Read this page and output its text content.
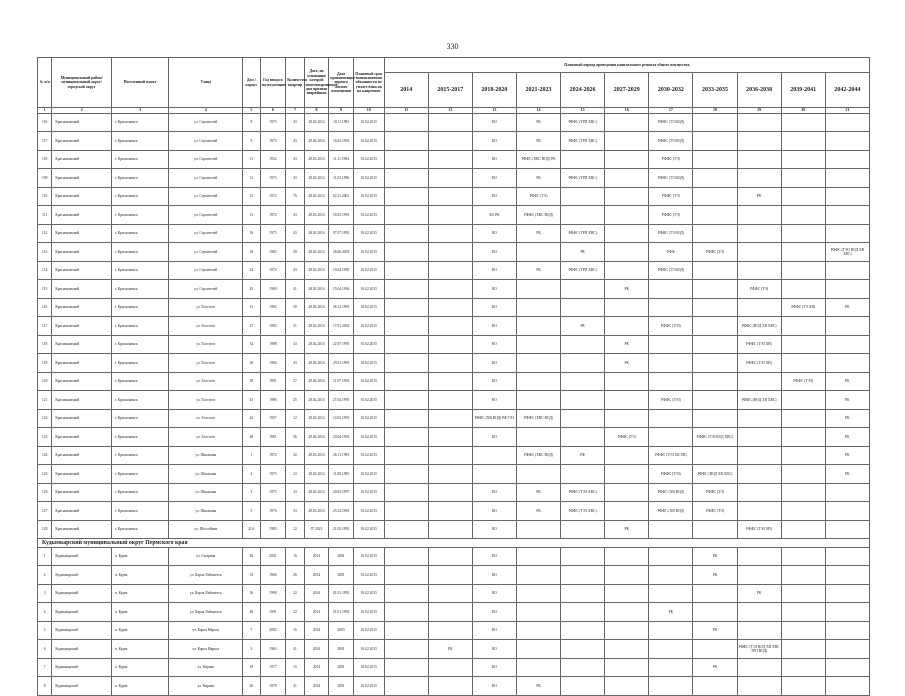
330
№ п/п	Муниципальный район/муниципальный округ/городской округ	Населенный пункт	Улица	Дом / корпус	Год ввода в эксплуатацию	Количество квартир	Дата, на основании которой многоквартирный дом признан аварийным	Дата приватизации первого жилого помещения	Плановый срок возникновения обязанности по уплате взносов на капремонт	Плановый период проведения капитального ремонта общего имущества										
										2014	2015-2017	2018-2020	2021-2023	2024-2026	2027-2029	2030-2032	2033-2035	2036-2038	2039-2041	2042-2044
1	2	3	4	5	6	7	8	9	10	11	12	13	14	15	16	17	18	19	20	21
116	Краснокамский	г. Краснокамск	ул. Строителей	8	1975	43	28.02.2014	10.11.1993	01.02.2015			КО	РК	РФФС (ТРП ХВС)		РФФС (ТЭ ВОД)				
117	Краснокамский	г. Краснокамск	ул. Строителей	9	1975	43	28.02.2014	16.02.1993	01.02.2015			КО	РК	РФФС (ТРП ХВС)		РФФС (ТЭ ВОД)				
118	Краснокамский	г. Краснокамск	ул. Строителей	11	1932	43	28.02.2014	11.11.1994	01.02.2015			КО	РФФС (ХВС ВОД) РК			РФФС (ТЭ)				
109	Краснокамский	г. Краснокамск	ул. Строителей	12	1973	43	28.02.2014	11.02.1996	01.02.2015			КО	РК	РФФС (ТРП ХВС)		РФФС (ТЭ ВОД)				
110	Краснокамский	г. Краснокамск	ул. Строителей	13	1972	76	28.02.2014	02.11.2002	01.02.2015			КО	РФФС (ТЭ)			РФФС (ТЭ)		РК		
111	Краснокамский	г. Краснокамск	ул. Строителей	13	1972	43	28.02.2014	18.03.1993	01.02.2015			КО РК	РФФС (ХВС ВОД)			РФФС (ТЭ)				
112	Краснокамский	г. Краснокамск	ул. Строителей	16	1975	43	28.02.2014	07.07.1993	01.02.2015			КО	РК	РФФС (ТРП ХВС)		РФФС (ТЭ ВОД)				
113	Краснокамский	г. Краснокамск	ул. Строителей	18	1983	39	28.02.2014	26.06.2003	01.02.2015			КО		РК		РФФ	РФФС (ТЭ)			РФФС (ТЭО ВОД ХВ ХВС)
114	Краснокамский	г. Краснокамск	ул. Строителей	24	1974	43	28.02.2014	19.04.1995	01.02.2015			КО	РК	РФФС (ТРП ХВС)		РФФС (ТЭ ВОД)				
115	Краснокамский	г. Краснокамск	ул. Строителей	25	1969	41	28.02.2014	15.04.1994	01.02.2015			КО			РК			РФФС (ТЭ)		
116	Краснокамский	г. Краснокамск	ул. Толстого	13	1992	30	28.02.2014	26.12.1993	01.02.2015			КО							РФФС (ТЭ ХВ)	РК
117	Краснокамский	г. Краснокамск	ул. Толстого	27	1983	31	28.02.2014	17.01.2002	01.02.2015			КО		РК		РФФС (ТЭЗ)		РФФС (ВОД ХВ ХВС)		
118	Краснокамский	г. Краснокамск	ул. Толстого	34	1988	43	28.02.2014	22.07.1993	01.02.2015			КО			РК			РФФС (ТЭЗ ХВ)		
119	Краснокамский	г. Краснокамск	ул. Толстого	36	1984	43	28.02.2014	29.01.1993	01.02.2015			КО			РК			РФФС (ТЭЗ ХВ)		
120	Краснокамский	г. Краснокамск	ул. Толстого	38	1991	27	28.02.2014	21.07.1993	01.02.2015			КО							РФФС (ТЭЗ)	РК
121	Краснокамский	г. Краснокамск	ул. Толстого	41	1986	25	28.02.2014	27.04.1993	01.02.2015			КО				РФФС (ТЭЗ)		РФФС (ВОД ХВ ХВС)		РК
122	Краснокамский	г. Краснокамск	ул. Толстого	42	1957	12	28.02.2014	14.03.1993	01.02.2015			РФФС (ХВ ВОД) РФ ТЭЗ	РФФС (ХВС ВОД)							РК
123	Краснокамский	г. Краснокамск	ул. Толстого	48	1981	36	28.02.2014	20.04.1993	01.02.2015			КО			РФФС (ТЭ)		РФФС (ТЭЗ ВОД ХВС)			РК
124	Краснокамский	г. Краснокамск	ул. Школьная	1	1972	32	28.02.2014	26.11.1993	01.02.2015				РФФС (ХВС ВОД)	РФ		РФФС (ТЭЗ ХВ ХВ)				РК
125	Краснокамский	г. Краснокамск	ул. Школьная	2	1975	23	28.02.2014	11.08.1995	01.02.2015							РФФС (ТЭЗ)	РФФС (ВОД ХВ ХВС)			РК
126	Краснокамский	г. Краснокамск	ул. Школьная	3	1975	33	28.02.2014	20.03.1997	01.02.2015			КО	РК	РФФС (ТЭЗ ХВС)		РФФС (ХВ ВОД)	РФФС (ТЭ)			
127	Краснокамский	г. Краснокамск	ул. Школьная	5	1976	33	28.02.2014	23.12.1992	01.02.2015			КО	РК	РФФС (ТЭЗ ХВС)		РФФС (ХВ ВОД)	РФФС (ТЭ)			
128	Краснокамский	г. Краснокамск	ул. Шоссейная	21А	1983	12	07.2021	21.03.1993	01.02.2015			КО			РК			РФФС (ТЭЗ ХВ)		
Кудымкарский муниципальный округ Пермского края																				
1	Кудымкарский	п. Кудва	ул. Гагарина	82	2001	16	2014	2001	01.02.2015			КО					РК			
2	Кудымкарский	п. Кудва	ул. Карла Либкнехта	33	1966	26	2014	2001	01.02.2015			КО					РК			
3	Кудымкарский	п. Кудва	ул. Карла Либкнехта	36	1990	22	2014	01.01.1993	01.02.2015			КО						РК		
4	Кудымкарский	п. Кудва	ул. Карла Либкнехта	40	1991	22	2014	01.01.1993	01.02.2015			КО				РК				
5	Кудымкарский	п. Кудва	ул. Карла Маркса	7	2002	16	2014	2003	01.02.2015			КО					РК			
6	Кудымкарский	п. Кудва	ул. Карла Маркса	3	1963	41	2014	2001	01.02.2015		РК	КО						РФФС (ТЭЗ ВОД ХВ ХВС ТРП ВОД)		
7	Кудымкарский	п. Кудва	ул. Кирова	18	1977	15	2014	2001	01.02.2015			КО					РК			
8	Кудымкарский	п. Кудва	ул. Кирова	20	1979	41	2014	2001	01.02.2015			КО	РК							
